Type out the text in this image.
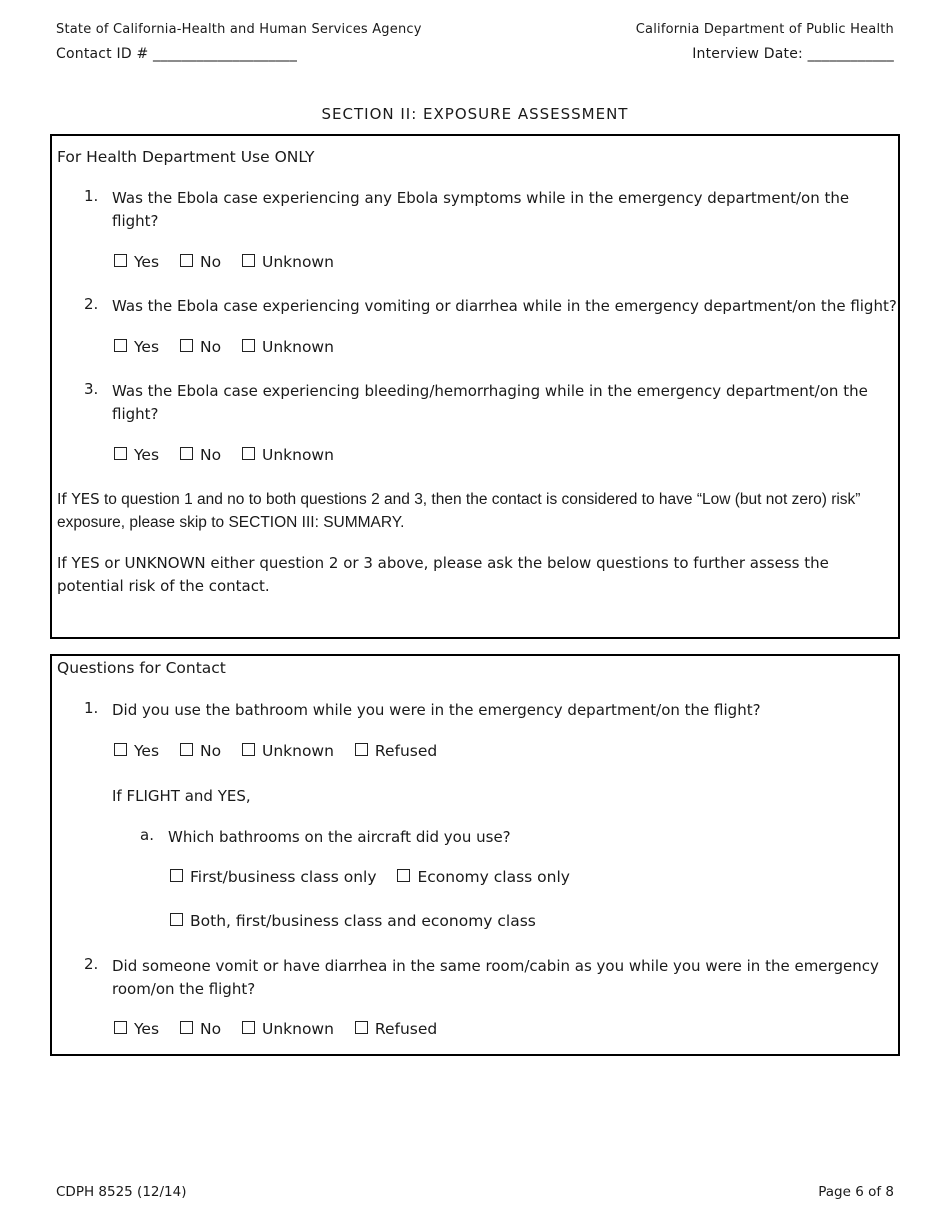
State of California-Health and Human Services Agency	California Department of Public Health
Contact ID # ____________________	Interview Date: ____________
SECTION II: EXPOSURE ASSESSMENT
For Health Department Use ONLY
1. Was the Ebola case experiencing any Ebola symptoms while in the emergency department/on the flight?
Yes	No	Unknown
2. Was the Ebola case experiencing vomiting or diarrhea while in the emergency department/on the flight?
Yes	No	Unknown
3. Was the Ebola case experiencing bleeding/hemorrhaging while in the emergency department/on the flight?
Yes	No	Unknown
If YES to question 1 and no to both questions 2 and 3, then the contact is considered to have “Low (but not zero) risk” exposure, please skip to SECTION III: SUMMARY.
If YES or UNKNOWN either question 2 or 3 above, please ask the below questions to further assess the potential risk of the contact.
Questions for Contact
1. Did you use the bathroom while you were in the emergency department/on the flight?
Yes	No	Unknown	Refused
If FLIGHT and YES,
a. Which bathrooms on the aircraft did you use?
First/business class only	Economy class only
Both, first/business class and economy class
2. Did someone vomit or have diarrhea in the same room/cabin as you while you were in the emergency room/on the flight?
Yes	No	Unknown	Refused
CDPH 8525 (12/14)	Page 6 of 8
